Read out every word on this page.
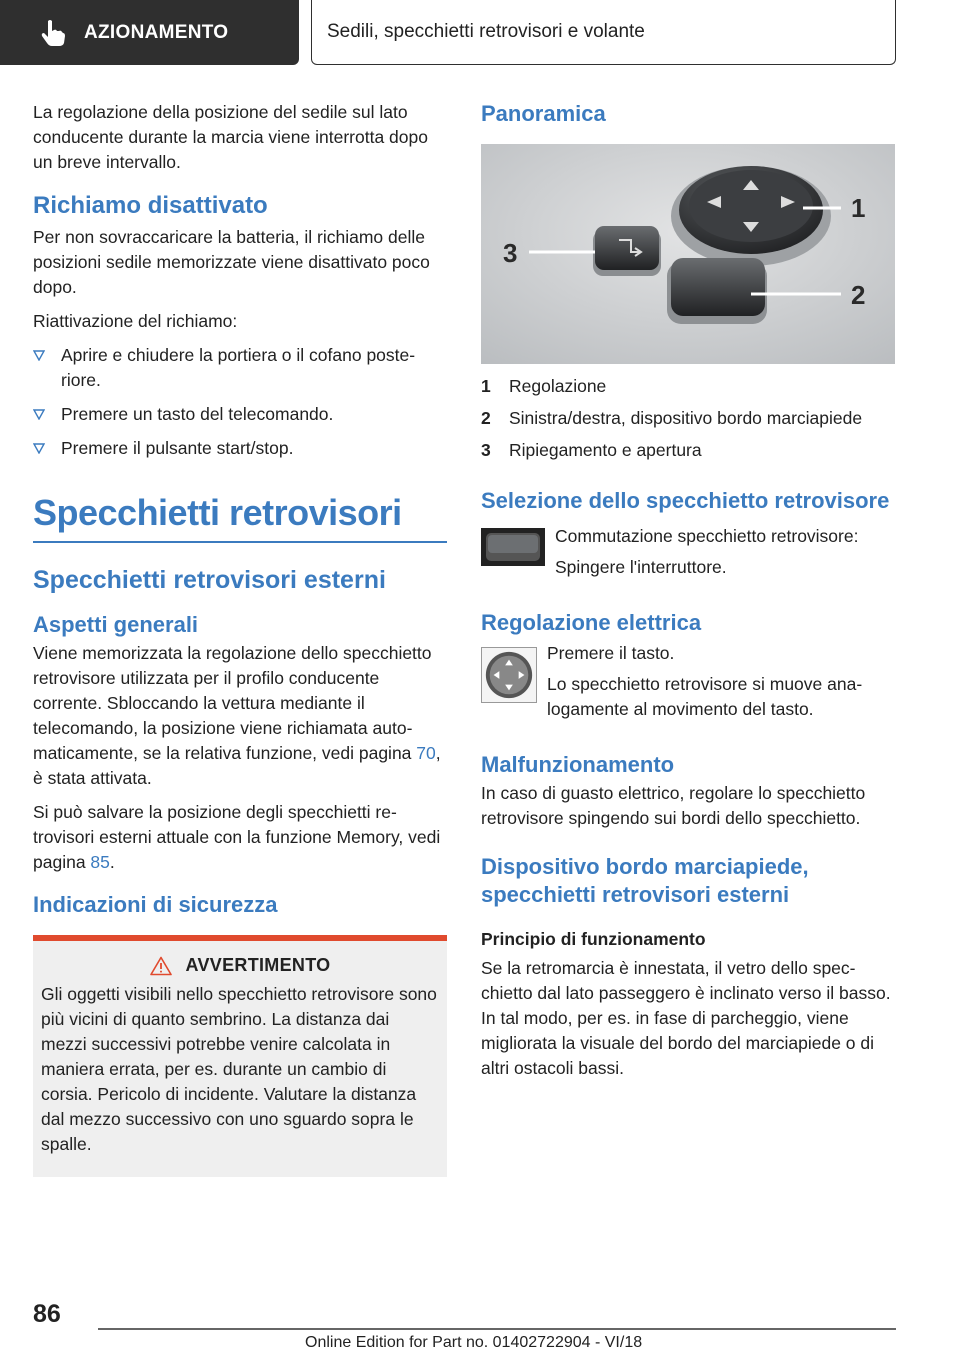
AZIONAMENTO	Sedili, specchietti retrovisori e volante

La regolazione della posizione del sedile sul lato conducente durante la marcia viene interrotta dopo un breve intervallo.

Richiamo disattivato

Per non sovraccaricare la batteria, il richiamo delle posizioni sedile memorizzate viene disattivato poco dopo.

Riattivazione del richiamo:

Aprire e chiudere la portiera o il cofano posteriore.
Premere un tasto del telecomando.
Premere il pulsante start/stop.
Specchietti retrovisori
Specchietti retrovisori esterni
Aspetti generali

Viene memorizzata la regolazione dello specchietto retrovisore utilizzata per il profilo conducente corrente. Sbloccando la vettura mediante il telecomando, la posizione viene richiamata automaticamente, se la relativa funzione, vedi pagina 70, è stata attivata.

Si può salvare la posizione degli specchietti retrovisori esterni attuale con la funzione Memory, vedi pagina 85.

Indicazioni di sicurezza
AVVERTIMENTO

Gli oggetti visibili nello specchietto retrovisore sono più vicini di quanto sembrino. La distanza dai mezzi successivi potrebbe venire calcolata in maniera errata, per es. durante un cambio di corsia. Pericolo di incidente. Valutare la distanza dal mezzo successivo con uno sguardo sopra le spalle.

Panoramica
1
2
3
1	Regolazione
2	Sinistra/destra, dispositivo bordo marciapiede
3	Ripiegamento e apertura
Selezione dello specchietto retrovisore

Commutazione specchietto retrovisore:

Spingere l'interruttore.

Regolazione elettrica

Premere il tasto.

Lo specchietto retrovisore si muove analogamente al movimento del tasto.

Malfunzionamento

In caso di guasto elettrico, regolare lo specchietto retrovisore spingendo sui bordi dello specchietto.

Dispositivo bordo marciapiede, specchietti retrovisori esterni
Principio di funzionamento

Se la retromarcia è innestata, il vetro dello specchietto dal lato passeggero è inclinato verso il basso. In tal modo, per es. in fase di parcheggio, viene migliorata la visuale del bordo del marciapiede o di altri ostacoli bassi.

86
Online Edition for Part no. 01402722904 - VI/18
